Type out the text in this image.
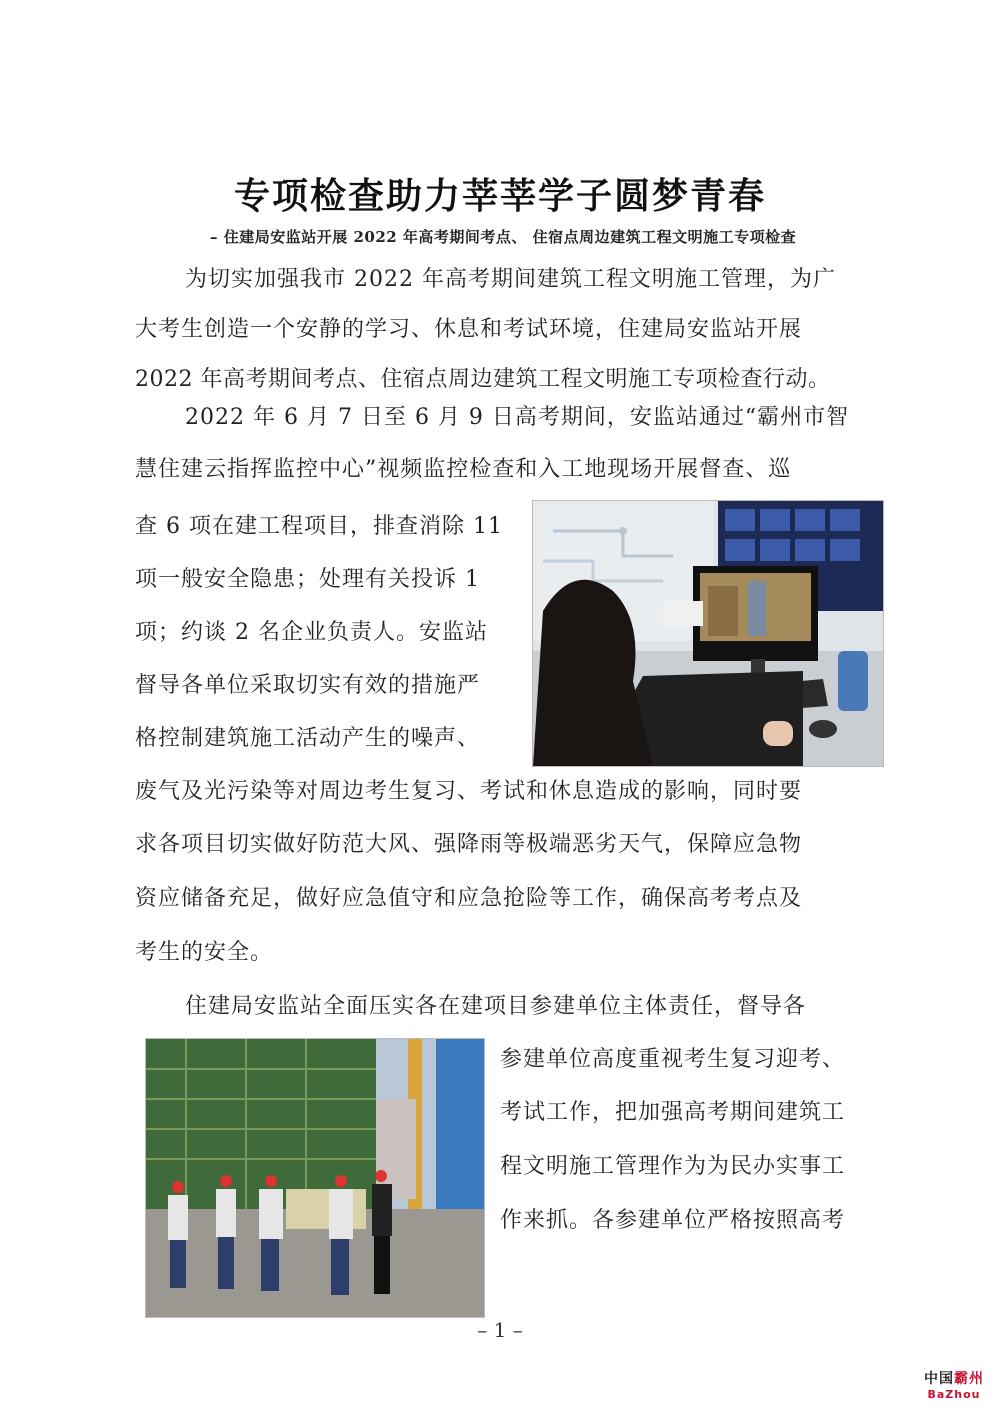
专项检查助力莘莘学子圆梦青春
– 住建局安监站开展 2022 年高考期间考点、 住宿点周边建筑工程文明施工专项检查
为切实加强我市 2022 年高考期间建筑工程文明施工管理，为广
大考生创造一个安静的学习、休息和考试环境，住建局安监站开展
2022 年高考期间考点、住宿点周边建筑工程文明施工专项检查行动。
2022 年 6 月 7 日至 6 月 9 日高考期间，安监站通过“霸州市智
慧住建云指挥监控中心”视频监控检查和入工地现场开展督查、巡
查 6 项在建工程项目，排查消除 11
项一般安全隐患；处理有关投诉 1
项；约谈 2 名企业负责人。安监站
督导各单位采取切实有效的措施严
格控制建筑施工活动产生的噪声、
废气及光污染等对周边考生复习、考试和休息造成的影响，同时要
求各项目切实做好防范大风、强降雨等极端恶劣天气，保障应急物
资应储备充足，做好应急值守和应急抢险等工作，确保高考考点及
考生的安全。
住建局安监站全面压实各在建项目参建单位主体责任，督导各
参建单位高度重视考生复习迎考、
考试工作，把加强高考期间建筑工
程文明施工管理作为为民办实事工
作来抓。各参建单位严格按照高考
– 1 –
中国霸州
BaZhou
